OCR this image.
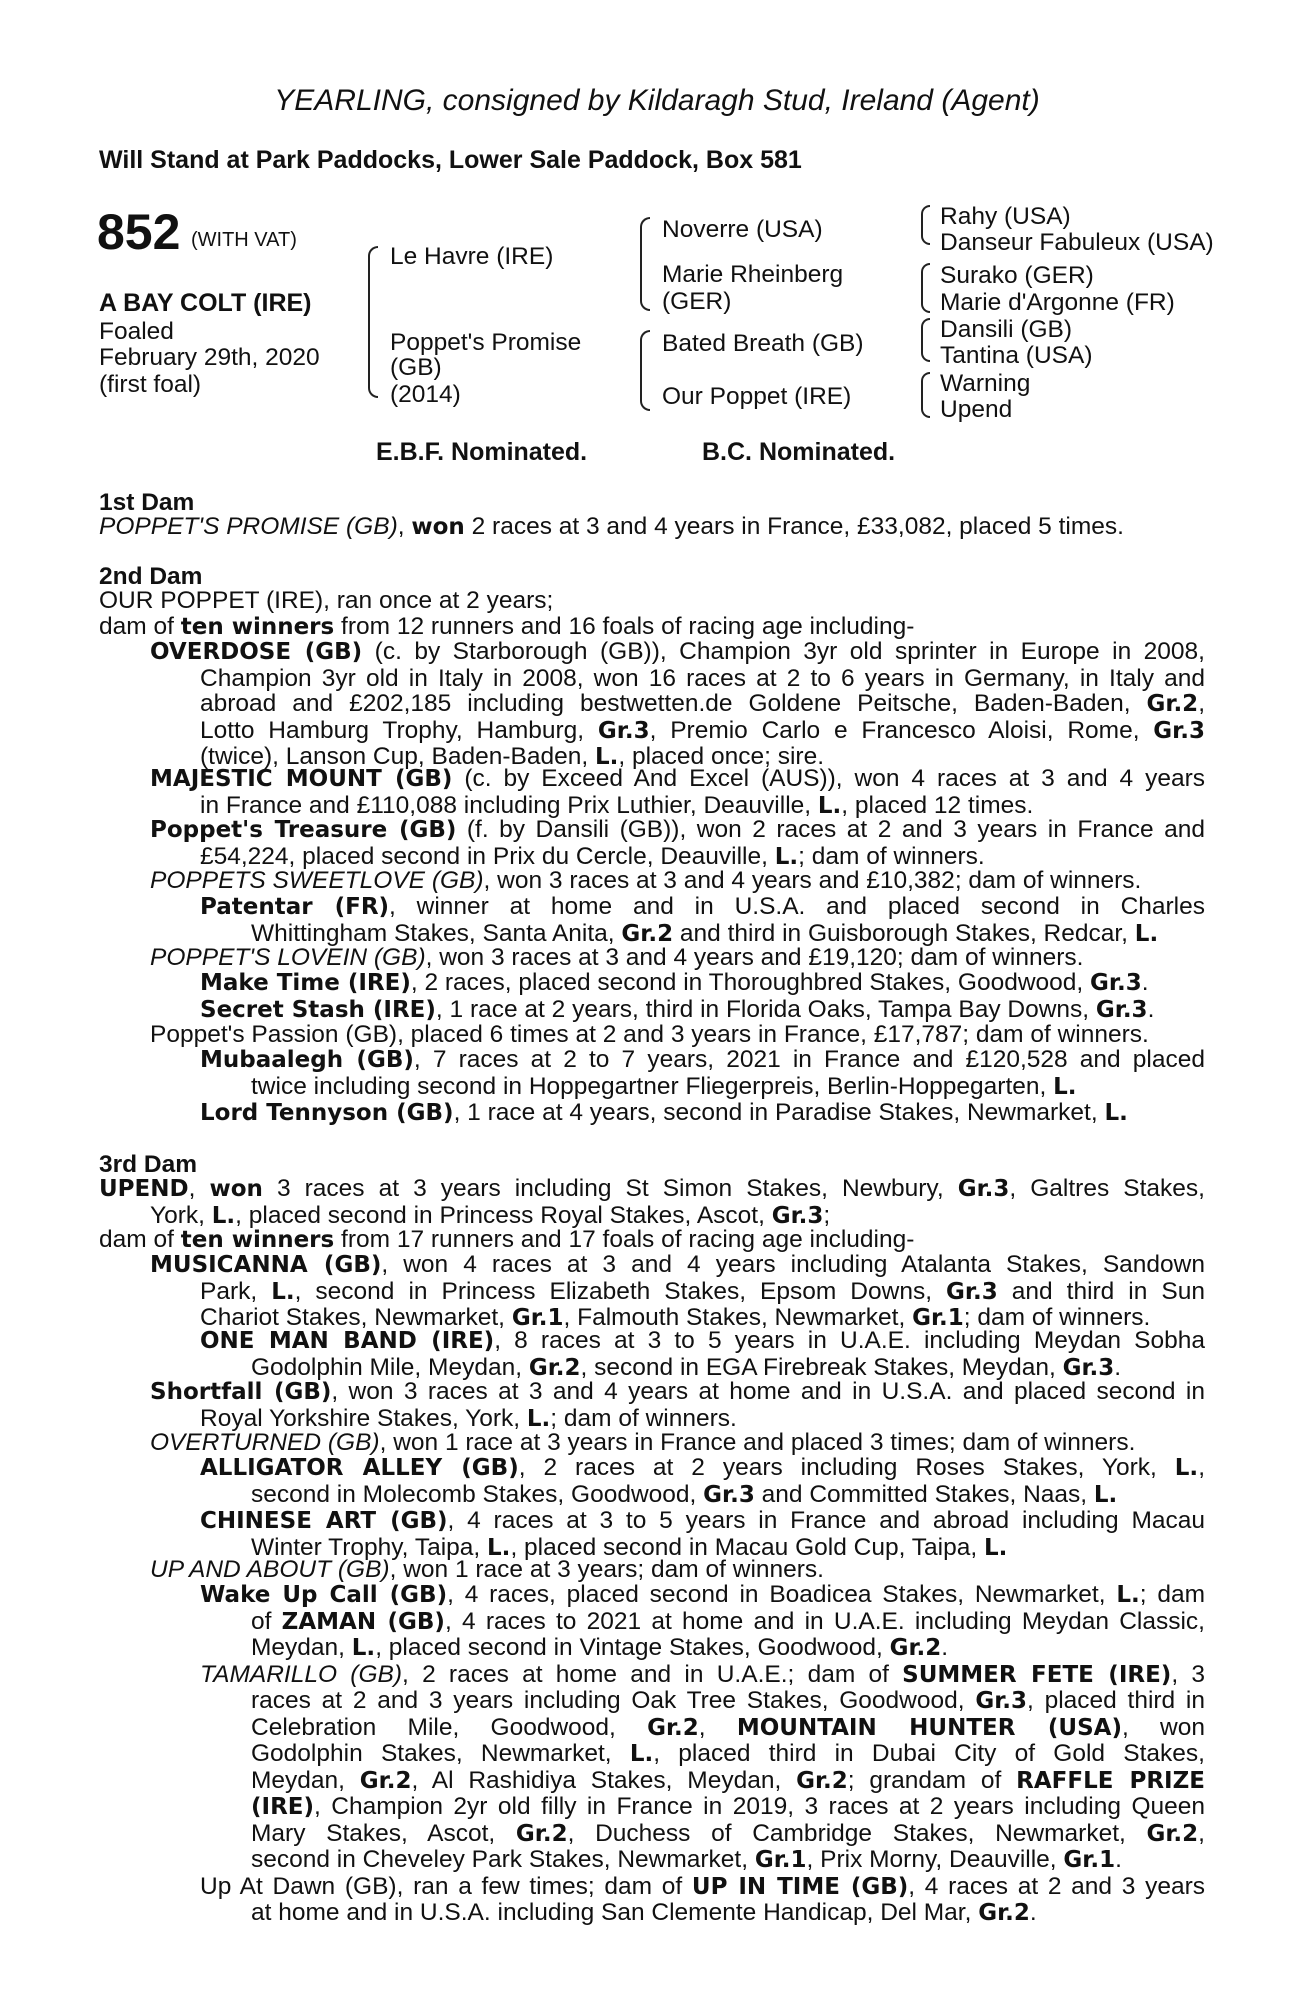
YEARLING, consigned by Kildaragh Stud, Ireland (Agent)
Will Stand at Park Paddocks, Lower Sale Paddock, Box 581
852 (WITH VAT)
A BAY COLT (IRE)
Foaled
February 29th, 2020
(first foal)
Le Havre (IRE)
Poppet's Promise
(GB)
(2014)
Noverre (USA)
Marie Rheinberg
(GER)
Bated Breath (GB)
Our Poppet (IRE)
Rahy (USA)
Danseur Fabuleux (USA)
Surako (GER)
Marie d'Argonne (FR)
Dansili (GB)
Tantina (USA)
Warning
Upend
E.B.F. Nominated.	B.C. Nominated.
1st Dam
POPPET'S PROMISE (GB), won 2 races at 3 and 4 years in France, £33,082, placed 5 times.
2nd Dam
OUR POPPET (IRE), ran once at 2 years;
dam of ten winners from 12 runners and 16 foals of racing age including-
OVERDOSE (GB) (c. by Starborough (GB)), Champion 3yr old sprinter in Europe in 2008,
Champion 3yr old in Italy in 2008, won 16 races at 2 to 6 years in Germany, in Italy and
abroad and £202,185 including bestwetten.de Goldene Peitsche, Baden-Baden, Gr.2,
Lotto Hamburg Trophy, Hamburg, Gr.3, Premio Carlo e Francesco Aloisi, Rome, Gr.3
(twice), Lanson Cup, Baden-Baden, L., placed once; sire.
MAJESTIC MOUNT (GB) (c. by Exceed And Excel (AUS)), won 4 races at 3 and 4 years
in France and £110,088 including Prix Luthier, Deauville, L., placed 12 times.
Poppet's Treasure (GB) (f. by Dansili (GB)), won 2 races at 2 and 3 years in France and
£54,224, placed second in Prix du Cercle, Deauville, L.; dam of winners.
POPPETS SWEETLOVE (GB), won 3 races at 3 and 4 years and £10,382; dam of winners.
Patentar (FR), winner at home and in U.S.A. and placed second in Charles
Whittingham Stakes, Santa Anita, Gr.2 and third in Guisborough Stakes, Redcar, L.
POPPET'S LOVEIN (GB), won 3 races at 3 and 4 years and £19,120; dam of winners.
Make Time (IRE), 2 races, placed second in Thoroughbred Stakes, Goodwood, Gr.3.
Secret Stash (IRE), 1 race at 2 years, third in Florida Oaks, Tampa Bay Downs, Gr.3.
Poppet's Passion (GB), placed 6 times at 2 and 3 years in France, £17,787; dam of winners.
Mubaalegh (GB), 7 races at 2 to 7 years, 2021 in France and £120,528 and placed
twice including second in Hoppegartner Fliegerpreis, Berlin-Hoppegarten, L.
Lord Tennyson (GB), 1 race at 4 years, second in Paradise Stakes, Newmarket, L.
3rd Dam
UPEND, won 3 races at 3 years including St Simon Stakes, Newbury, Gr.3, Galtres Stakes,
York, L., placed second in Princess Royal Stakes, Ascot, Gr.3;
dam of ten winners from 17 runners and 17 foals of racing age including-
MUSICANNA (GB), won 4 races at 3 and 4 years including Atalanta Stakes, Sandown
Park, L., second in Princess Elizabeth Stakes, Epsom Downs, Gr.3 and third in Sun
Chariot Stakes, Newmarket, Gr.1, Falmouth Stakes, Newmarket, Gr.1; dam of winners.
ONE MAN BAND (IRE), 8 races at 3 to 5 years in U.A.E. including Meydan Sobha
Godolphin Mile, Meydan, Gr.2, second in EGA Firebreak Stakes, Meydan, Gr.3.
Shortfall (GB), won 3 races at 3 and 4 years at home and in U.S.A. and placed second in
Royal Yorkshire Stakes, York, L.; dam of winners.
OVERTURNED (GB), won 1 race at 3 years in France and placed 3 times; dam of winners.
ALLIGATOR ALLEY (GB), 2 races at 2 years including Roses Stakes, York, L.,
second in Molecomb Stakes, Goodwood, Gr.3 and Committed Stakes, Naas, L.
CHINESE ART (GB), 4 races at 3 to 5 years in France and abroad including Macau
Winter Trophy, Taipa, L., placed second in Macau Gold Cup, Taipa, L.
UP AND ABOUT (GB), won 1 race at 3 years; dam of winners.
Wake Up Call (GB), 4 races, placed second in Boadicea Stakes, Newmarket, L.; dam
of ZAMAN (GB), 4 races to 2021 at home and in U.A.E. including Meydan Classic,
Meydan, L., placed second in Vintage Stakes, Goodwood, Gr.2.
TAMARILLO (GB), 2 races at home and in U.A.E.; dam of SUMMER FETE (IRE), 3
races at 2 and 3 years including Oak Tree Stakes, Goodwood, Gr.3, placed third in
Celebration Mile, Goodwood, Gr.2, MOUNTAIN HUNTER (USA), won
Godolphin Stakes, Newmarket, L., placed third in Dubai City of Gold Stakes,
Meydan, Gr.2, Al Rashidiya Stakes, Meydan, Gr.2; grandam of RAFFLE PRIZE
(IRE), Champion 2yr old filly in France in 2019, 3 races at 2 years including Queen
Mary Stakes, Ascot, Gr.2, Duchess of Cambridge Stakes, Newmarket, Gr.2,
second in Cheveley Park Stakes, Newmarket, Gr.1, Prix Morny, Deauville, Gr.1.
Up At Dawn (GB), ran a few times; dam of UP IN TIME (GB), 4 races at 2 and 3 years
at home and in U.S.A. including San Clemente Handicap, Del Mar, Gr.2.
